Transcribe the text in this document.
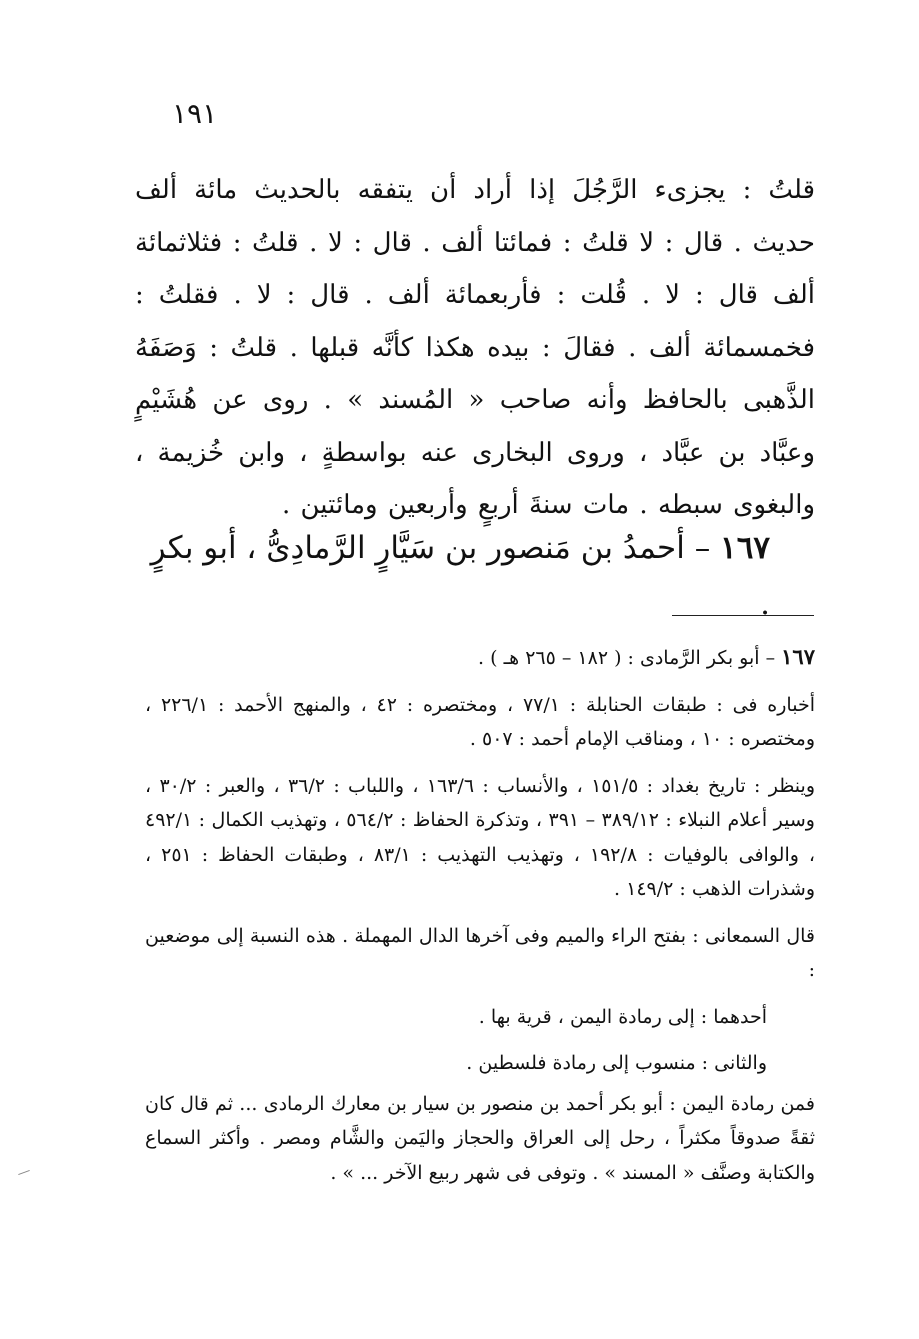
١٩١

قلتُ : يجزىء الرَّجُلَ إذا أراد أن يتفقه بالحديث مائة ألف حديث . قال : لا قلتُ : فمائتا ألف . قال : لا . قلتُ : فثلاثمائة ألف قال : لا . قُلت : فأربعمائة ألف . قال : لا . فقلتُ : فخمسمائة ألف . فقالَ : بيده هكذا كأنَّه قبلها . قلتُ : وَصَفَهُ الذَّهبى بالحافظ وأنه صاحب « المُسند » . روى عن هُشَيْمٍ وعبَّاد بن عبَّاد ، وروى البخارى عنه بواسطةٍ ، وابن خُزيمة ، والبغوى سبطه . مات سنةَ أربعٍ وأربعين ومائتين .

١٦٧ – أحمدُ بن مَنصور بن سَيَّارٍ الرَّمادِىُّ ، أبو بكرٍ .

١٦٧ – أبو بكر الرَّمادى : ( ١٨٢ – ٢٦٥ هـ ) .

أخباره فى : طبقات الحنابلة : ٧٧/١ ، ومختصره : ٤٢ ، والمنهج الأحمد : ٢٢٦/١ ، ومختصره : ١٠ ، ومناقب الإمام أحمد : ٥٠٧ .

وينظر : تاريخ بغداد : ١٥١/٥ ، والأنساب : ١٦٣/٦ ، واللباب : ٣٦/٢ ، والعبر : ٣٠/٢ ، وسير أعلام النبلاء : ٣٨٩/١٢ – ٣٩١ ، وتذكرة الحفاظ : ٥٦٤/٢ ، وتهذيب الكمال : ٤٩٢/١ ، والوافى بالوفيات : ١٩٢/٨ ، وتهذيب التهذيب : ٨٣/١ ، وطبقات الحفاظ : ٢٥١ ، وشذرات الذهب : ١٤٩/٢ .

قال السمعانى : بفتح الراء والميم وفى آخرها الدال المهملة . هذه النسبة إلى موضعين :

أحدهما : إلى رمادة اليمن ، قرية بها .

والثانى : منسوب إلى رمادة فلسطين .

فمن رمادة اليمن : أبو بكر أحمد بن منصور بن سيار بن معارك الرمادى ... ثم قال كان ثقةً صدوقاً مكثراً ، رحل إلى العراق والحجاز واليَمن والشَّام ومصر . وأكثر السماع والكتابة وصنَّف « المسند » . وتوفى فى شهر ربيع الآخر ... » .
